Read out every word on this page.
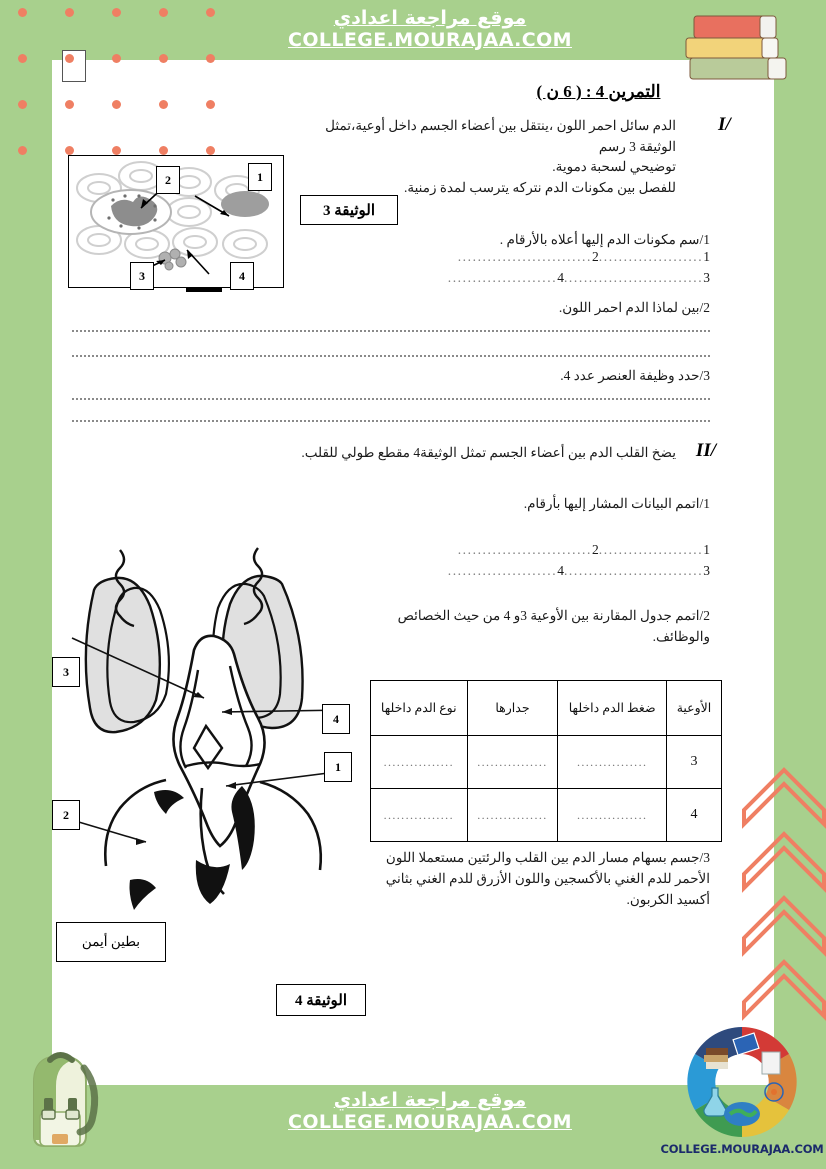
موقع مراجعة اعدادي
COLLEGE.MOURAJAA.COM
موقع مراجعة اعدادي
COLLEGE.MOURAJAA.COM
COLLEGE.MOURAJAA.COM
التمرين 4 : ( 6 ن )
I/
الدم سائل احمر اللون ،ينتقل بين أعضاء الجسم داخل أوعية،تمثل الوثيقة 3 رسم
توضيحي لسحبة دموية.
للفصل بين مكونات الدم نتركه يترسب لمدة زمنية.
2	1
3	4
الوثيقة 3
1/سم مكونات الدم إليها أعلاه بالأرقام .
1.....................2...........................
3............................4......................
2/بين لماذا الدم احمر اللون.
3/حدد وظيفة العنصر عدد 4.
II/
يضخ القلب الدم بين أعضاء الجسم تمثل الوثيقة4 مقطع طولي للقلب.
1/اتمم البيانات المشار إليها بأرقام.
1.....................2...........................
3............................4......................
2/اتمم جدول المقارنة بين الأوعية 3و 4 من حيث الخصائص والوظائف.
الأوعية	ضغط الدم داخلها	جدارها	نوع الدم داخلها
3	................	................	................

4	................	................	................
3/جسم بسهام مسار الدم بين القلب والرئتين مستعملا اللون الأحمر للدم الغني بالأكسجين واللون الأزرق للدم الغني بثاني أكسيد الكربون.
3
4
1
2
بطين أيمن
الوثيقة 4
